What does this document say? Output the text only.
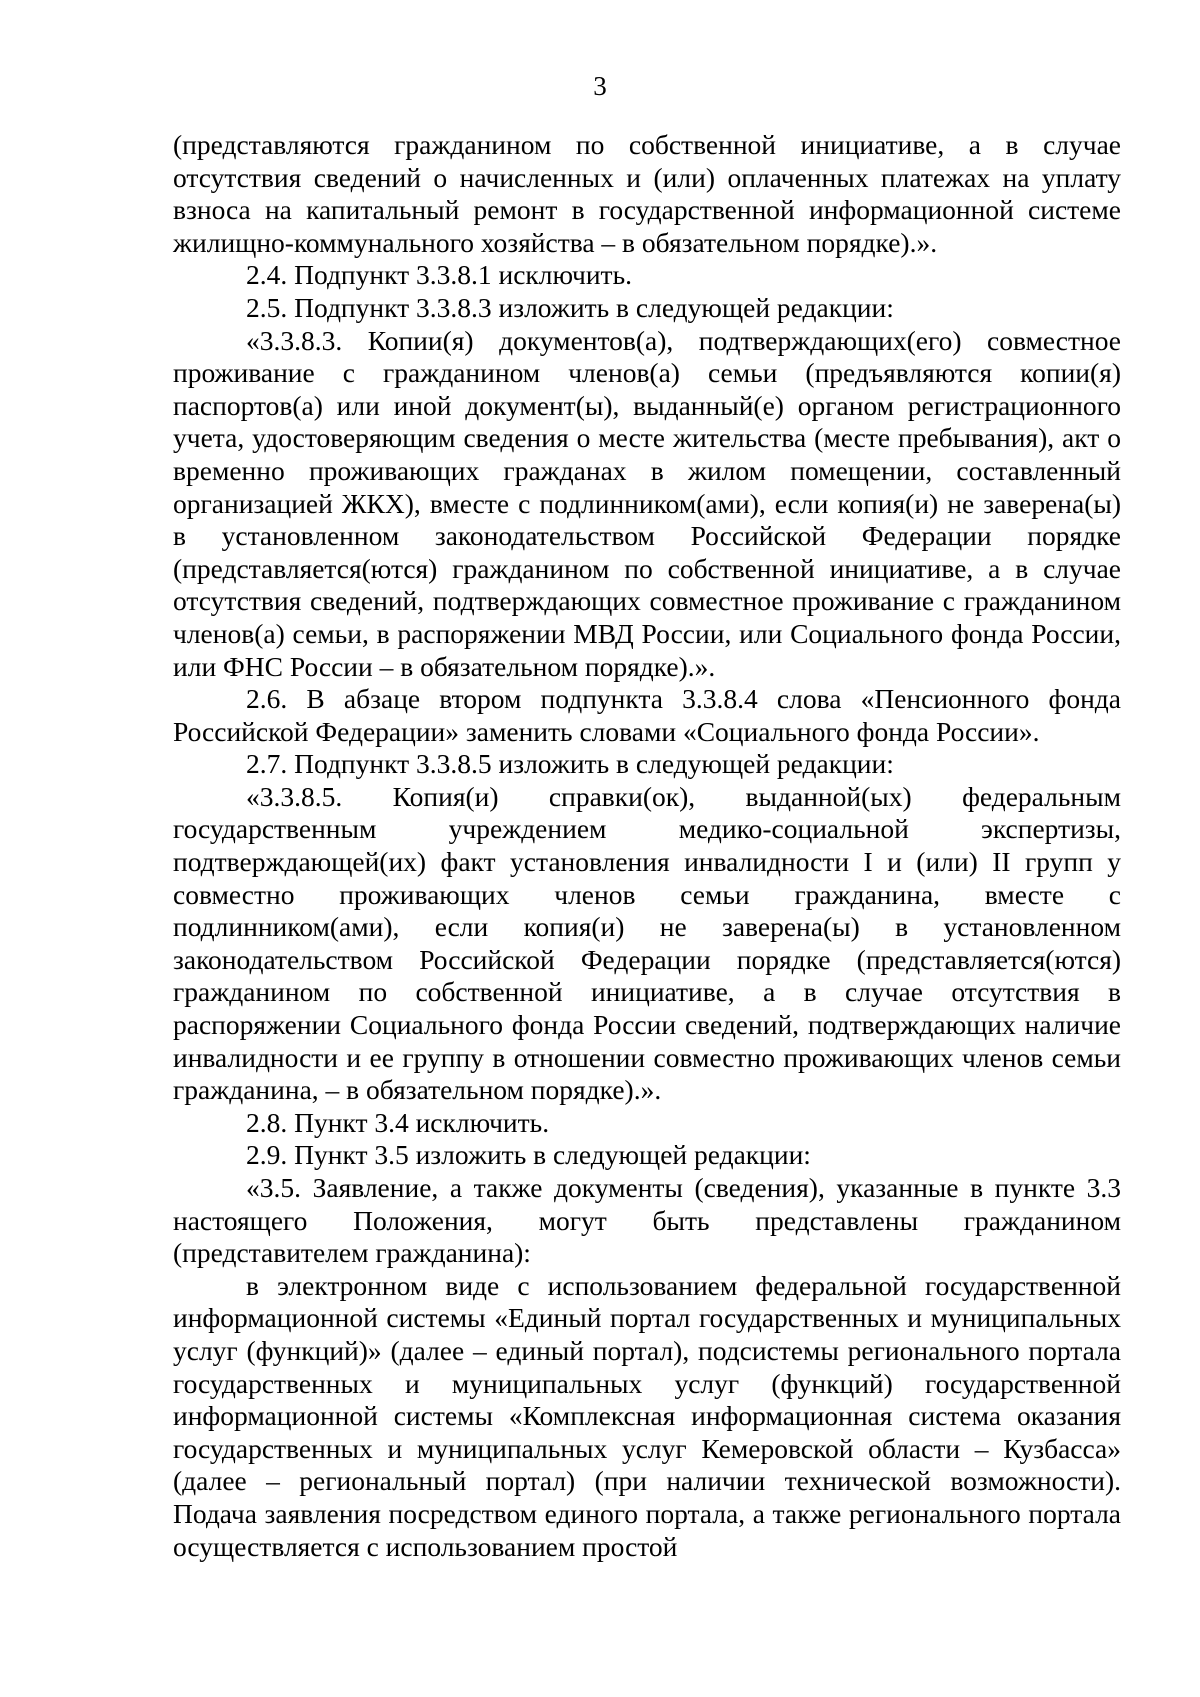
3

(представляются гражданином по собственной инициативе, а в случае отсутствия сведений о начисленных и (или) оплаченных платежах на уплату взноса на капитальный ремонт в государственной информационной системе жилищно-коммунального хозяйства – в обязательном порядке).».

2.4. Подпункт 3.3.8.1 исключить.

2.5. Подпункт 3.3.8.3 изложить в следующей редакции:

«3.3.8.3. Копии(я) документов(а), подтверждающих(его) совместное проживание с гражданином членов(а) семьи (предъявляются копии(я) паспортов(а) или иной документ(ы), выданный(е) органом регистрационного учета, удостоверяющим сведения о месте жительства (месте пребывания), акт о временно проживающих гражданах в жилом помещении, составленный организацией ЖКХ), вместе с подлинником(ами), если копия(и) не заверена(ы) в установленном законодательством Российской Федерации порядке (представляется(ются) гражданином по собственной инициативе, а в случае отсутствия сведений, подтверждающих совместное проживание с гражданином членов(а) семьи, в распоряжении МВД России, или Социального фонда России, или ФНС России – в обязательном порядке).».

2.6. В абзаце втором подпункта 3.3.8.4 слова «Пенсионного фонда Российской Федерации» заменить словами «Социального фонда России».

2.7. Подпункт 3.3.8.5 изложить в следующей редакции:

«3.3.8.5. Копия(и) справки(ок), выданной(ых) федеральным государственным учреждением медико-социальной экспертизы, подтверждающей(их) факт установления инвалидности I и (или) II групп у совместно проживающих членов семьи гражданина, вместе с подлинником(ами), если копия(и) не заверена(ы) в установленном законодательством Российской Федерации порядке (представляется(ются) гражданином по собственной инициативе, а в случае отсутствия в распоряжении Социального фонда России сведений, подтверждающих наличие инвалидности и ее группу в отношении совместно проживающих членов семьи гражданина, – в обязательном порядке).».

2.8. Пункт 3.4 исключить.

2.9. Пункт 3.5 изложить в следующей редакции:

«3.5. Заявление, а также документы (сведения), указанные в пункте 3.3 настоящего Положения, могут быть представлены гражданином (представителем гражданина):

в электронном виде с использованием федеральной государственной информационной системы «Единый портал государственных и муниципальных услуг (функций)» (далее – единый портал), подсистемы регионального портала государственных и муниципальных услуг (функций) государственной информационной системы «Комплексная информационная система оказания государственных и муниципальных услуг Кемеровской области – Кузбасса» (далее – региональный портал) (при наличии технической возможности). Подача заявления посредством единого портала, а также регионального портала осуществляется с использованием простой
